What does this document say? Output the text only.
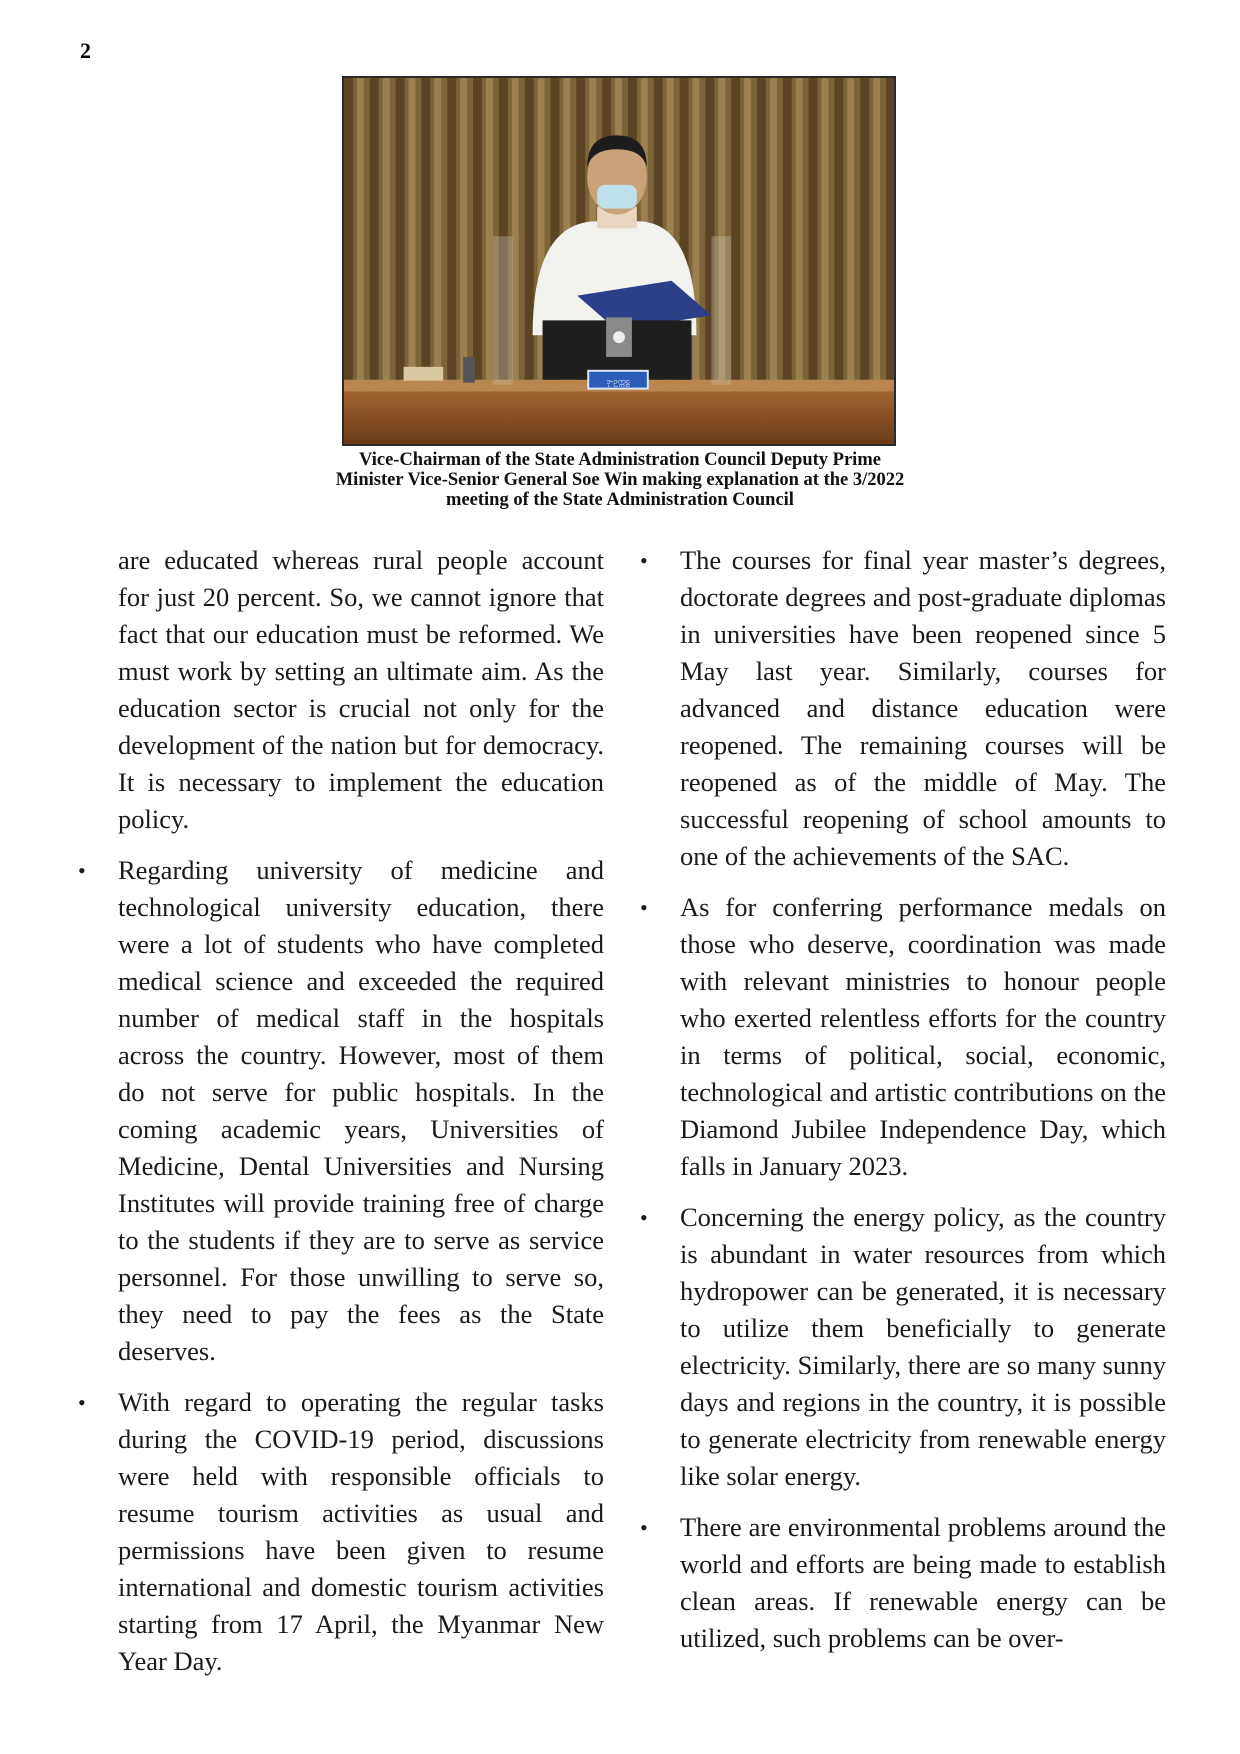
2
ဒု-ဥက္ကဋ္ဌ
Vice-Chairman of the State Administration Council Deputy Prime Minister Vice-Senior General Soe Win making explanation at the 3/2022 meeting of the State Administration Council

are educated whereas rural people account for just 20 percent. So, we cannot ignore that fact that our education must be reformed. We must work by setting an ultimate aim. As the education sector is crucial not only for the development of the nation but for democracy. It is necessary to implement the education policy.

• Regarding university of medicine and technological university education, there were a lot of students who have completed medical science and exceeded the required number of medical staff in the hospitals across the country. However, most of them do not serve for public hospitals. In the coming academic years, Universities of Medicine, Dental Universities and Nursing Institutes will provide training free of charge to the students if they are to serve as service personnel. For those unwilling to serve so, they need to pay the fees as the State deserves.
• With regard to operating the regular tasks during the COVID-19 period, discussions were held with responsible officials to resume tourism activities as usual and permissions have been given to resume international and domestic tourism activities starting from 17 April, the Myanmar New Year Day.
• The courses for final year master’s degrees, doctorate degrees and post-graduate diplomas in universities have been reopened since 5 May last year. Similarly, courses for advanced and distance education were reopened. The remaining courses will be reopened as of the middle of May. The successful reopening of school amounts to one of the achievements of the SAC.
• As for conferring performance medals on those who deserve, coordination was made with relevant ministries to honour people who exerted relentless efforts for the country in terms of political, social, economic, technological and artistic contributions on the Diamond Jubilee Independence Day, which falls in January 2023.
• Concerning the energy policy, as the country is abundant in water resources from which hydropower can be generated, it is necessary to utilize them beneficially to generate electricity. Similarly, there are so many sunny days and regions in the country, it is possible to generate electricity from renewable energy like solar energy.
• There are environmental problems around the world and efforts are being made to establish clean areas. If renewable energy can be utilized, such problems can be over-
